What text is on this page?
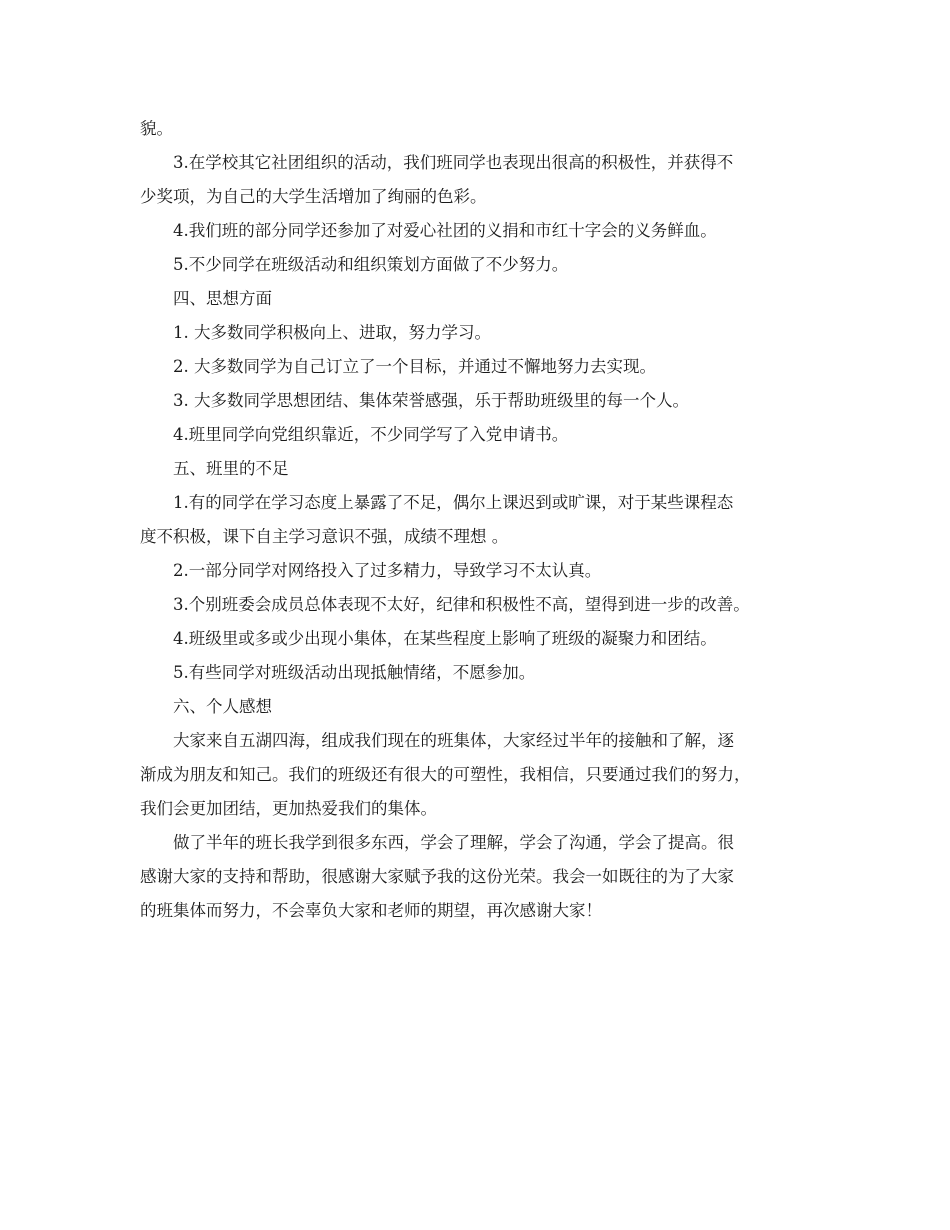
貌。
3.在学校其它社团组织的活动，我们班同学也表现出很高的积极性，并获得不
少奖项，为自己的大学生活增加了绚丽的色彩。
4.我们班的部分同学还参加了对爱心社团的义捐和市红十字会的义务鲜血。
5.不少同学在班级活动和组织策划方面做了不少努力。
四、思想方面
1. 大多数同学积极向上、进取，努力学习。
2. 大多数同学为自己订立了一个目标，并通过不懈地努力去实现。
3. 大多数同学思想团结、集体荣誉感强，乐于帮助班级里的每一个人。
4.班里同学向党组织靠近，不少同学写了入党申请书。
五、班里的不足
1.有的同学在学习态度上暴露了不足，偶尔上课迟到或旷课，对于某些课程态
度不积极，课下自主学习意识不强，成绩不理想 。
2.一部分同学对网络投入了过多精力，导致学习不太认真。
3.个别班委会成员总体表现不太好，纪律和积极性不高，望得到进一步的改善。
4.班级里或多或少出现小集体，在某些程度上影响了班级的凝聚力和团结。
5.有些同学对班级活动出现抵触情绪，不愿参加。
六、个人感想
大家来自五湖四海，组成我们现在的班集体，大家经过半年的接触和了解，逐
渐成为朋友和知己。我们的班级还有很大的可塑性，我相信，只要通过我们的努力，
我们会更加团结，更加热爱我们的集体。
做了半年的班长我学到很多东西，学会了理解，学会了沟通，学会了提高。很
感谢大家的支持和帮助，很感谢大家赋予我的这份光荣。我会一如既往的为了大家
的班集体而努力，不会辜负大家和老师的期望，再次感谢大家！
